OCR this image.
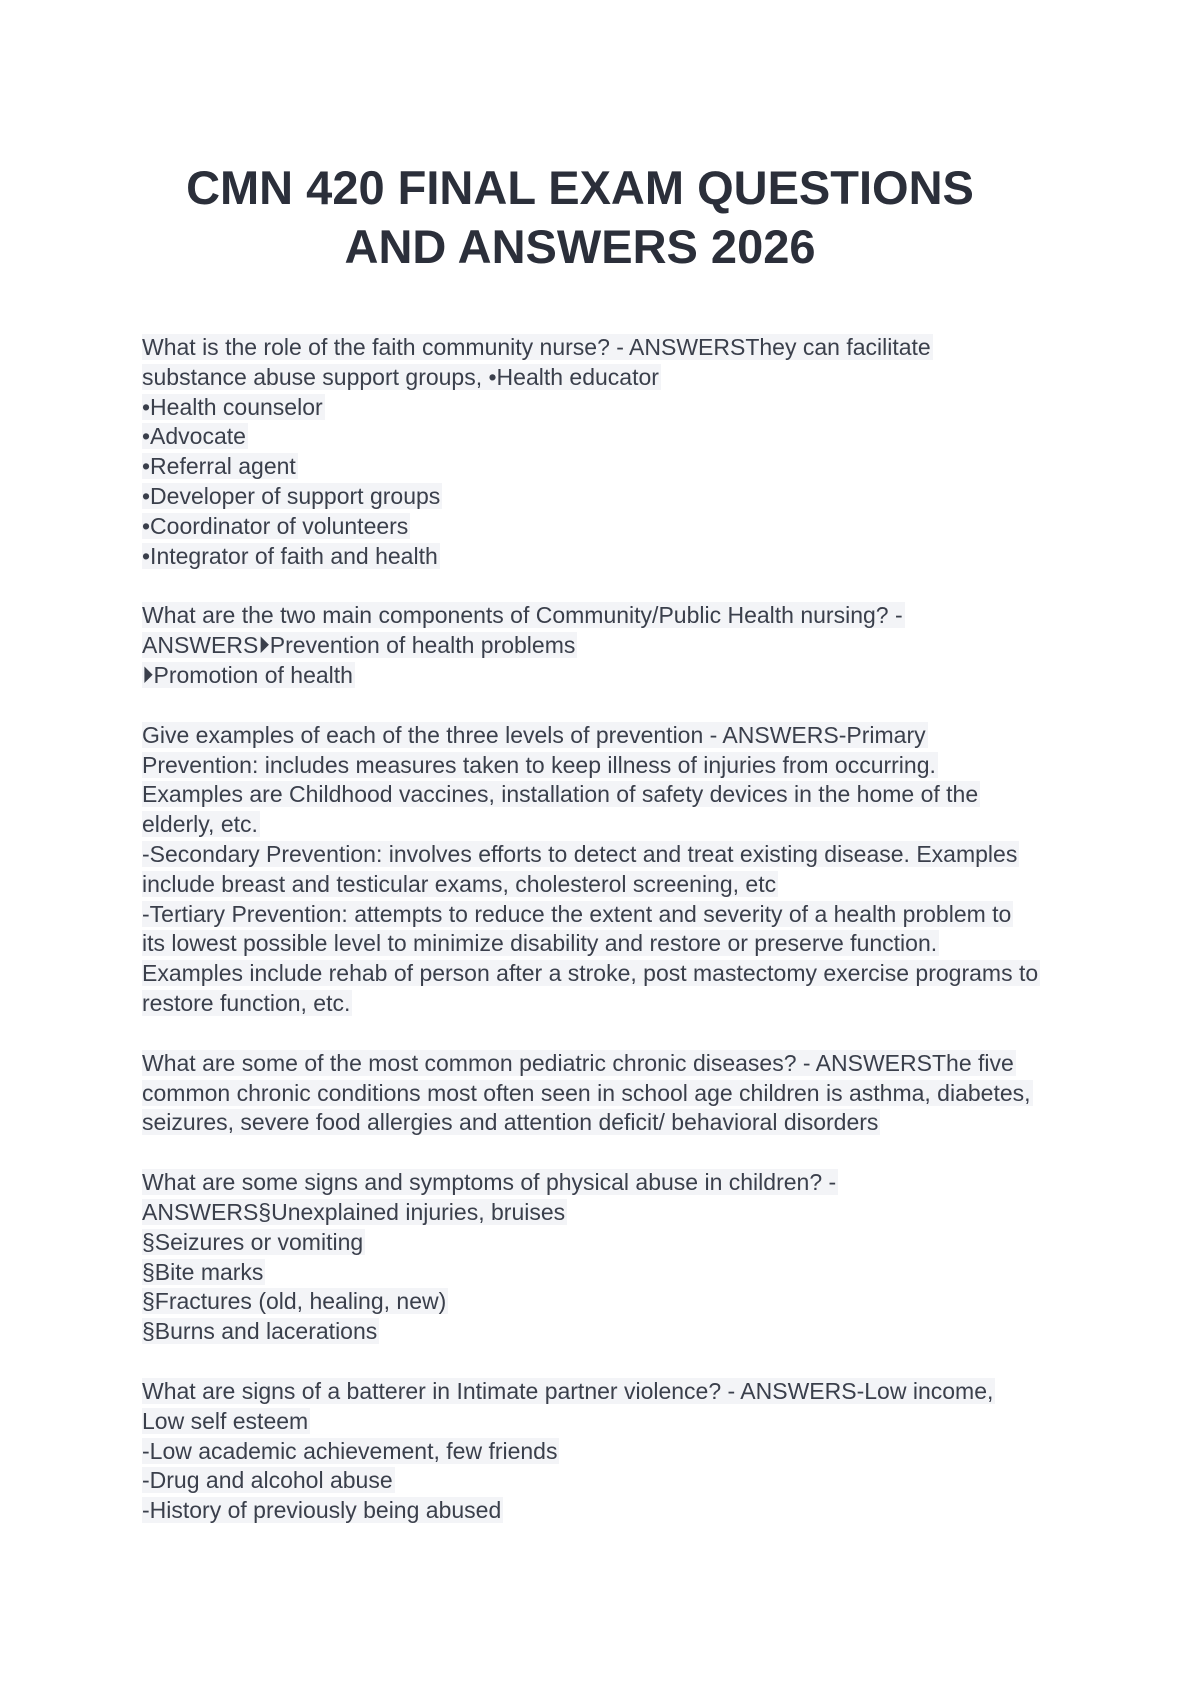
CMN 420 FINAL EXAM QUESTIONS
AND ANSWERS 2026
What is the role of the faith community nurse? - ANSWERSThey can facilitate
substance abuse support groups, •Health educator
•Health counselor
•Advocate
•Referral agent
•Developer of support groups
•Coordinator of volunteers
•Integrator of faith and health
What are the two main components of Community/Public Health nursing? -
ANSWERS⏵Prevention of health problems
⏵Promotion of health
Give examples of each of the three levels of prevention - ANSWERS-Primary
Prevention: includes measures taken to keep illness of injuries from occurring.
Examples are Childhood vaccines, installation of safety devices in the home of the
elderly, etc.
-Secondary Prevention: involves efforts to detect and treat existing disease. Examples
include breast and testicular exams, cholesterol screening, etc
-Tertiary Prevention: attempts to reduce the extent and severity of a health problem to
its lowest possible level to minimize disability and restore or preserve function.
Examples include rehab of person after a stroke, post mastectomy exercise programs to
restore function, etc.
What are some of the most common pediatric chronic diseases? - ANSWERSThe five
common chronic conditions most often seen in school age children is asthma, diabetes,
seizures, severe food allergies and attention deficit/ behavioral disorders
What are some signs and symptoms of physical abuse in children? -
ANSWERS§Unexplained injuries, bruises
§Seizures or vomiting
§Bite marks
§Fractures (old, healing, new)
§Burns and lacerations
What are signs of a batterer in Intimate partner violence? - ANSWERS-Low income,
Low self esteem
-Low academic achievement, few friends
-Drug and alcohol abuse
-History of previously being abused
